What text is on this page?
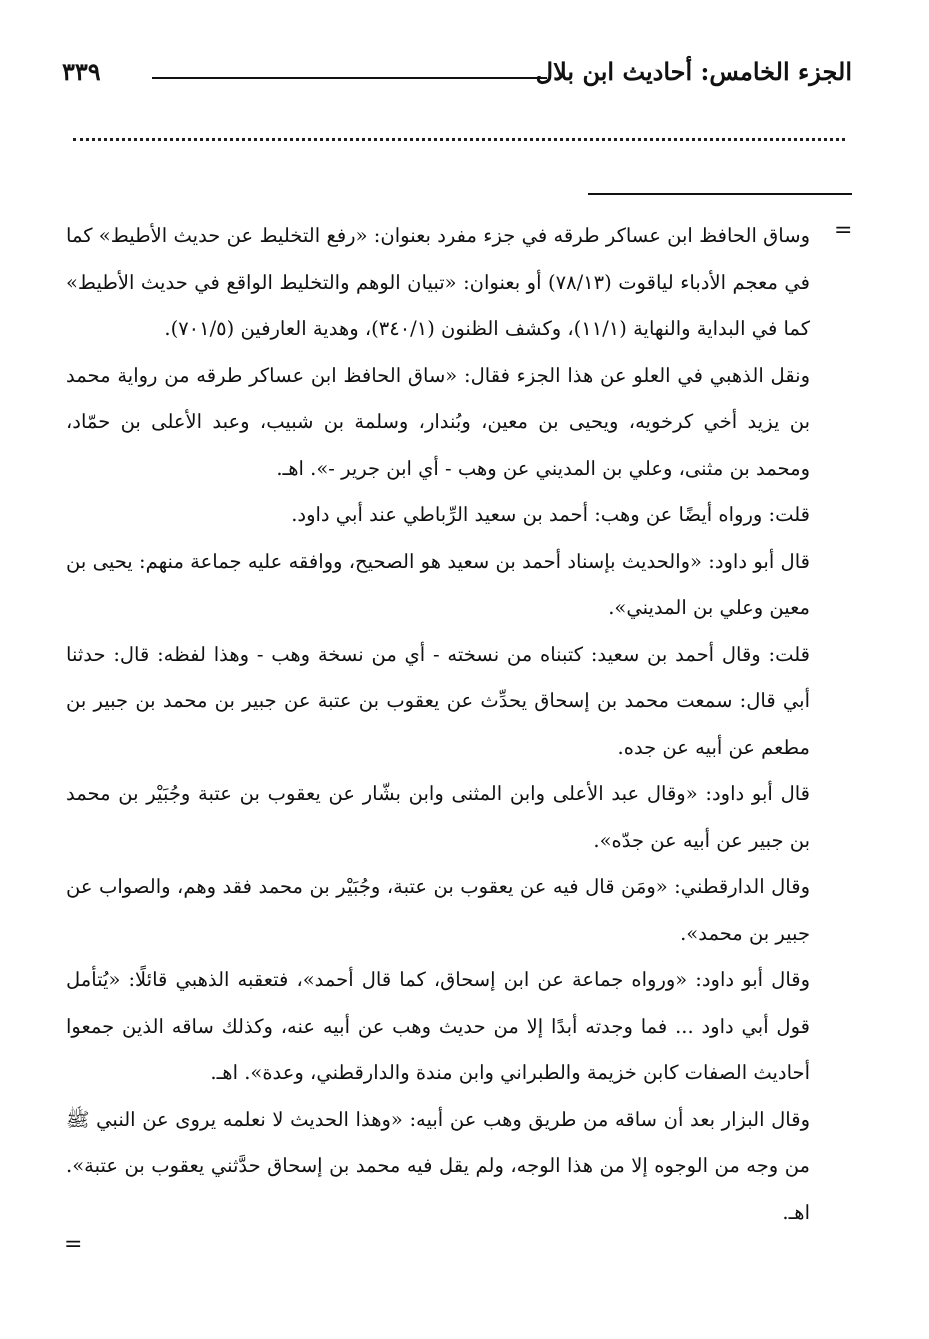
الجزء الخامس: أحاديث ابن بلال
٣٣٩
=

وساق الحافظ ابن عساكر طرقه في جزء مفرد بعنوان: «رفع التخليط عن حديث الأطيط» كما في معجم الأدباء لياقوت (٧٨/١٣) أو بعنوان: «تبيان الوهم والتخليط الواقع في حديث الأطيط» كما في البداية والنهاية (١١/١)، وكشف الظنون (٣٤٠/١)، وهدية العارفين (٧٠١/٥).

ونقل الذهبي في العلو عن هذا الجزء فقال: «ساق الحافظ ابن عساكر طرقه من رواية محمد بن يزيد أخي كرخويه، ويحيى بن معين، وبُندار، وسلمة بن شبيب، وعبد الأعلى بن حمّاد، ومحمد بن مثنى، وعلي بن المديني عن وهب - أي ابن جرير -». اهـ.

قلت: ورواه أيضًا عن وهب: أحمد بن سعيد الرِّباطي عند أبي داود.

قال أبو داود: «والحديث بإسناد أحمد بن سعيد هو الصحيح، ووافقه عليه جماعة منهم: يحيى بن معين وعلي بن المديني».

قلت: وقال أحمد بن سعيد: كتبناه من نسخته - أي من نسخة وهب - وهذا لفظه: قال: حدثنا أبي قال: سمعت محمد بن إسحاق يحدِّث عن يعقوب بن عتبة عن جبير بن محمد بن جبير بن مطعم عن أبيه عن جده.

قال أبو داود: «وقال عبد الأعلى وابن المثنى وابن بشّار عن يعقوب بن عتبة وجُبَيْر بن محمد بن جبير عن أبيه عن جدّه».

وقال الدارقطني: «ومَن قال فيه عن يعقوب بن عتبة، وجُبَيْر بن محمد فقد وهم، والصواب عن جبير بن محمد».

وقال أبو داود: «ورواه جماعة عن ابن إسحاق، كما قال أحمد»، فتعقبه الذهبي قائلًا: «يُتأمل قول أبي داود ... فما وجدته أبدًا إلا من حديث وهب عن أبيه عنه، وكذلك ساقه الذين جمعوا أحاديث الصفات كابن خزيمة والطبراني وابن مندة والدارقطني، وعدة». اهـ.

وقال البزار بعد أن ساقه من طريق وهب عن أبيه: «وهذا الحديث لا نعلمه يروى عن النبي ﷺ من وجه من الوجوه إلا من هذا الوجه، ولم يقل فيه محمد بن إسحاق حدَّثني يعقوب بن عتبة». اهـ.

=
